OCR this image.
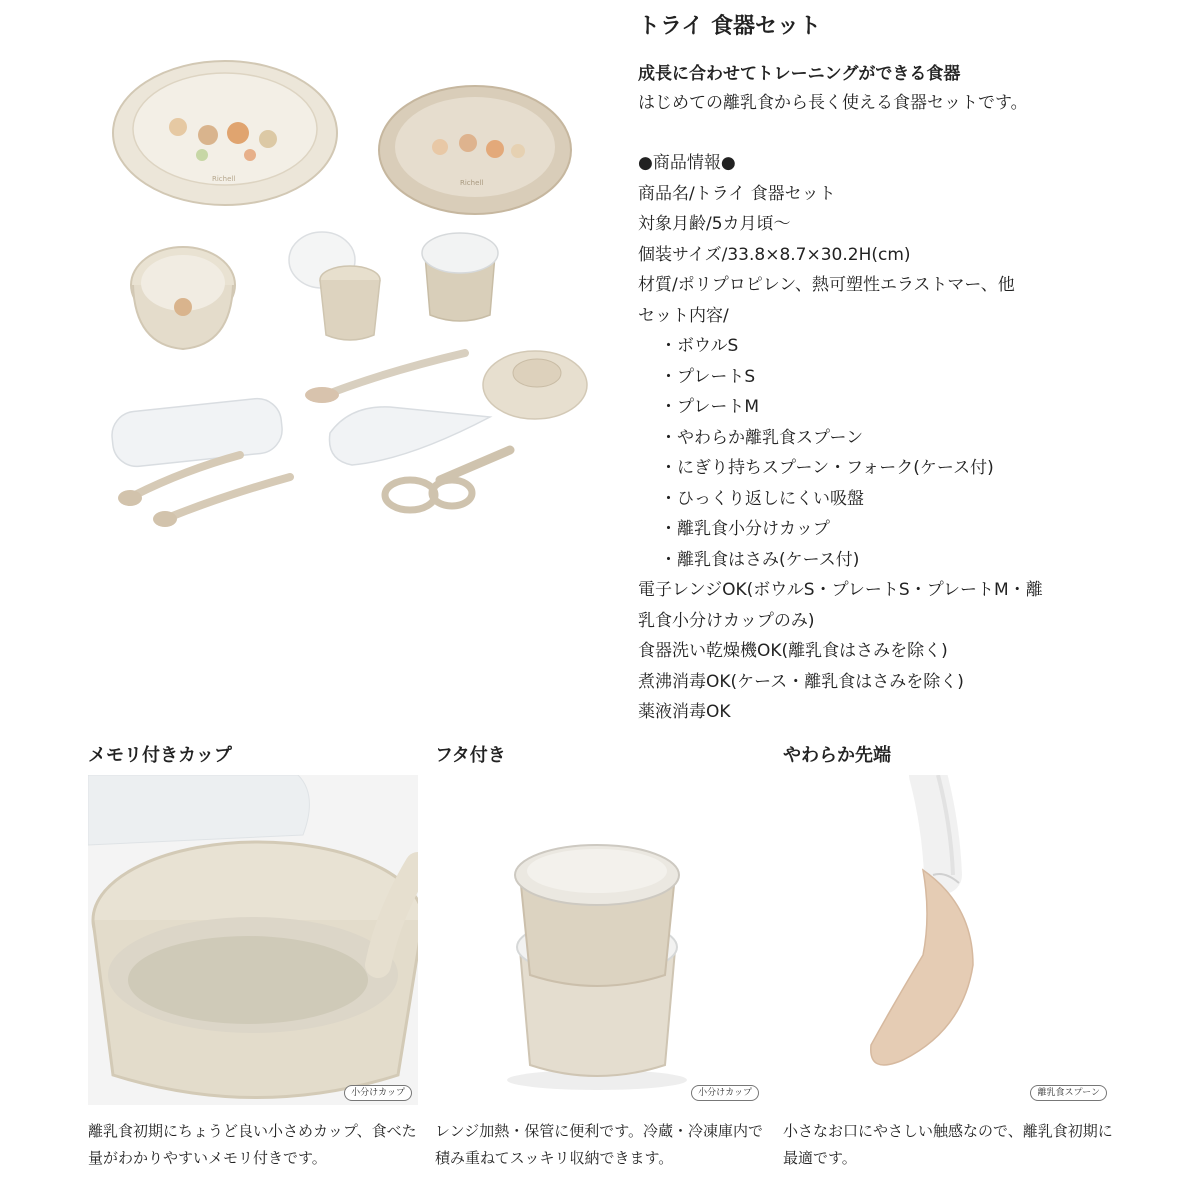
Richell	Richell
トライ 食器セット
成長に合わせてトレーニングができる食器
はじめての離乳食から長く使える食器セットです。
●商品情報●
商品名/トライ 食器セット
対象月齢/5カ月頃～
個装サイズ/33.8×8.7×30.2H(cm)
材質/ポリプロピレン、熱可塑性エラストマー、他
セット内容/
・ボウルS
・プレートS
・プレートM
・やわらか離乳食スプーン
・にぎり持ちスプーン・フォーク(ケース付)
・ひっくり返しにくい吸盤
・離乳食小分けカップ
・離乳食はさみ(ケース付)
電子レンジOK(ボウルS・プレートS・プレートM・離
乳食小分けカップのみ)
食器洗い乾燥機OK(離乳食はさみを除く)
煮沸消毒OK(ケース・離乳食はさみを除く)
薬液消毒OK
メモリ付きカップ
小分けカップ
離乳食初期にちょうど良い小さめカップ、食べた量がわかりやすいメモリ付きです。
フタ付き
小分けカップ
レンジ加熱・保管に便利です。冷蔵・冷凍庫内で積み重ねてスッキリ収納できます。
やわらか先端
離乳食スプーン
小さなお口にやさしい触感なので、離乳食初期に最適です。
